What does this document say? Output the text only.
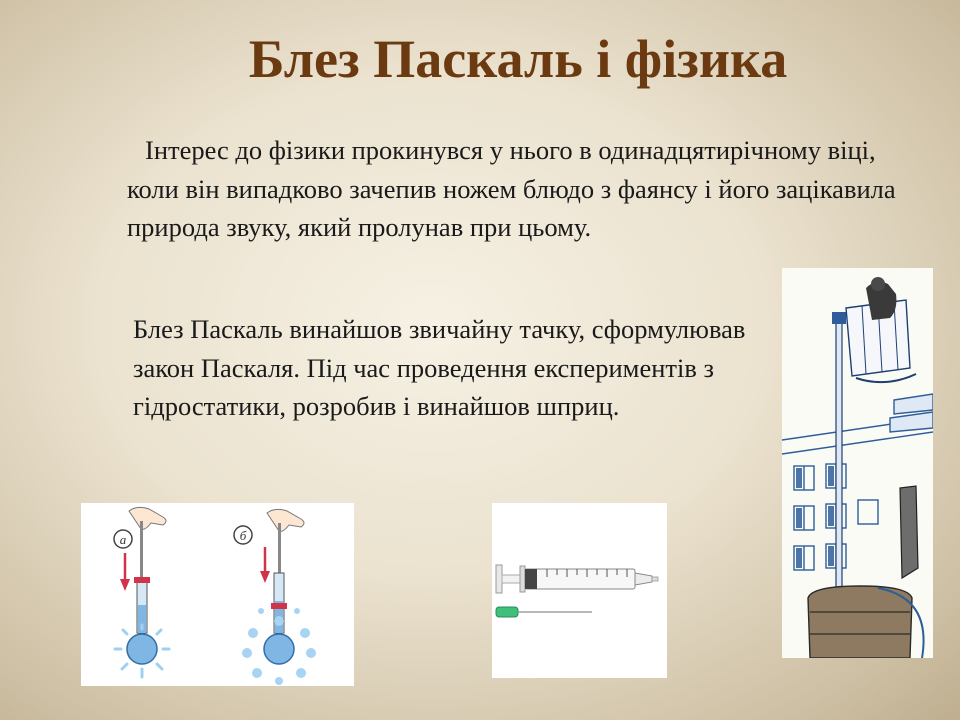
Блез Паскаль і фізика

Інтерес до фізики прокинувся у нього в одинадцятирічному віці, коли він випадково зачепив ножем блюдо з фаянсу і його зацікавила природа звуку, який пролунав при цьому.

Блез Паскаль винайшов звичайну тачку, сформулював закон Паскаля. Під час проведення експериментів з гідростатики, розробив і винайшов шприц.

а	б
